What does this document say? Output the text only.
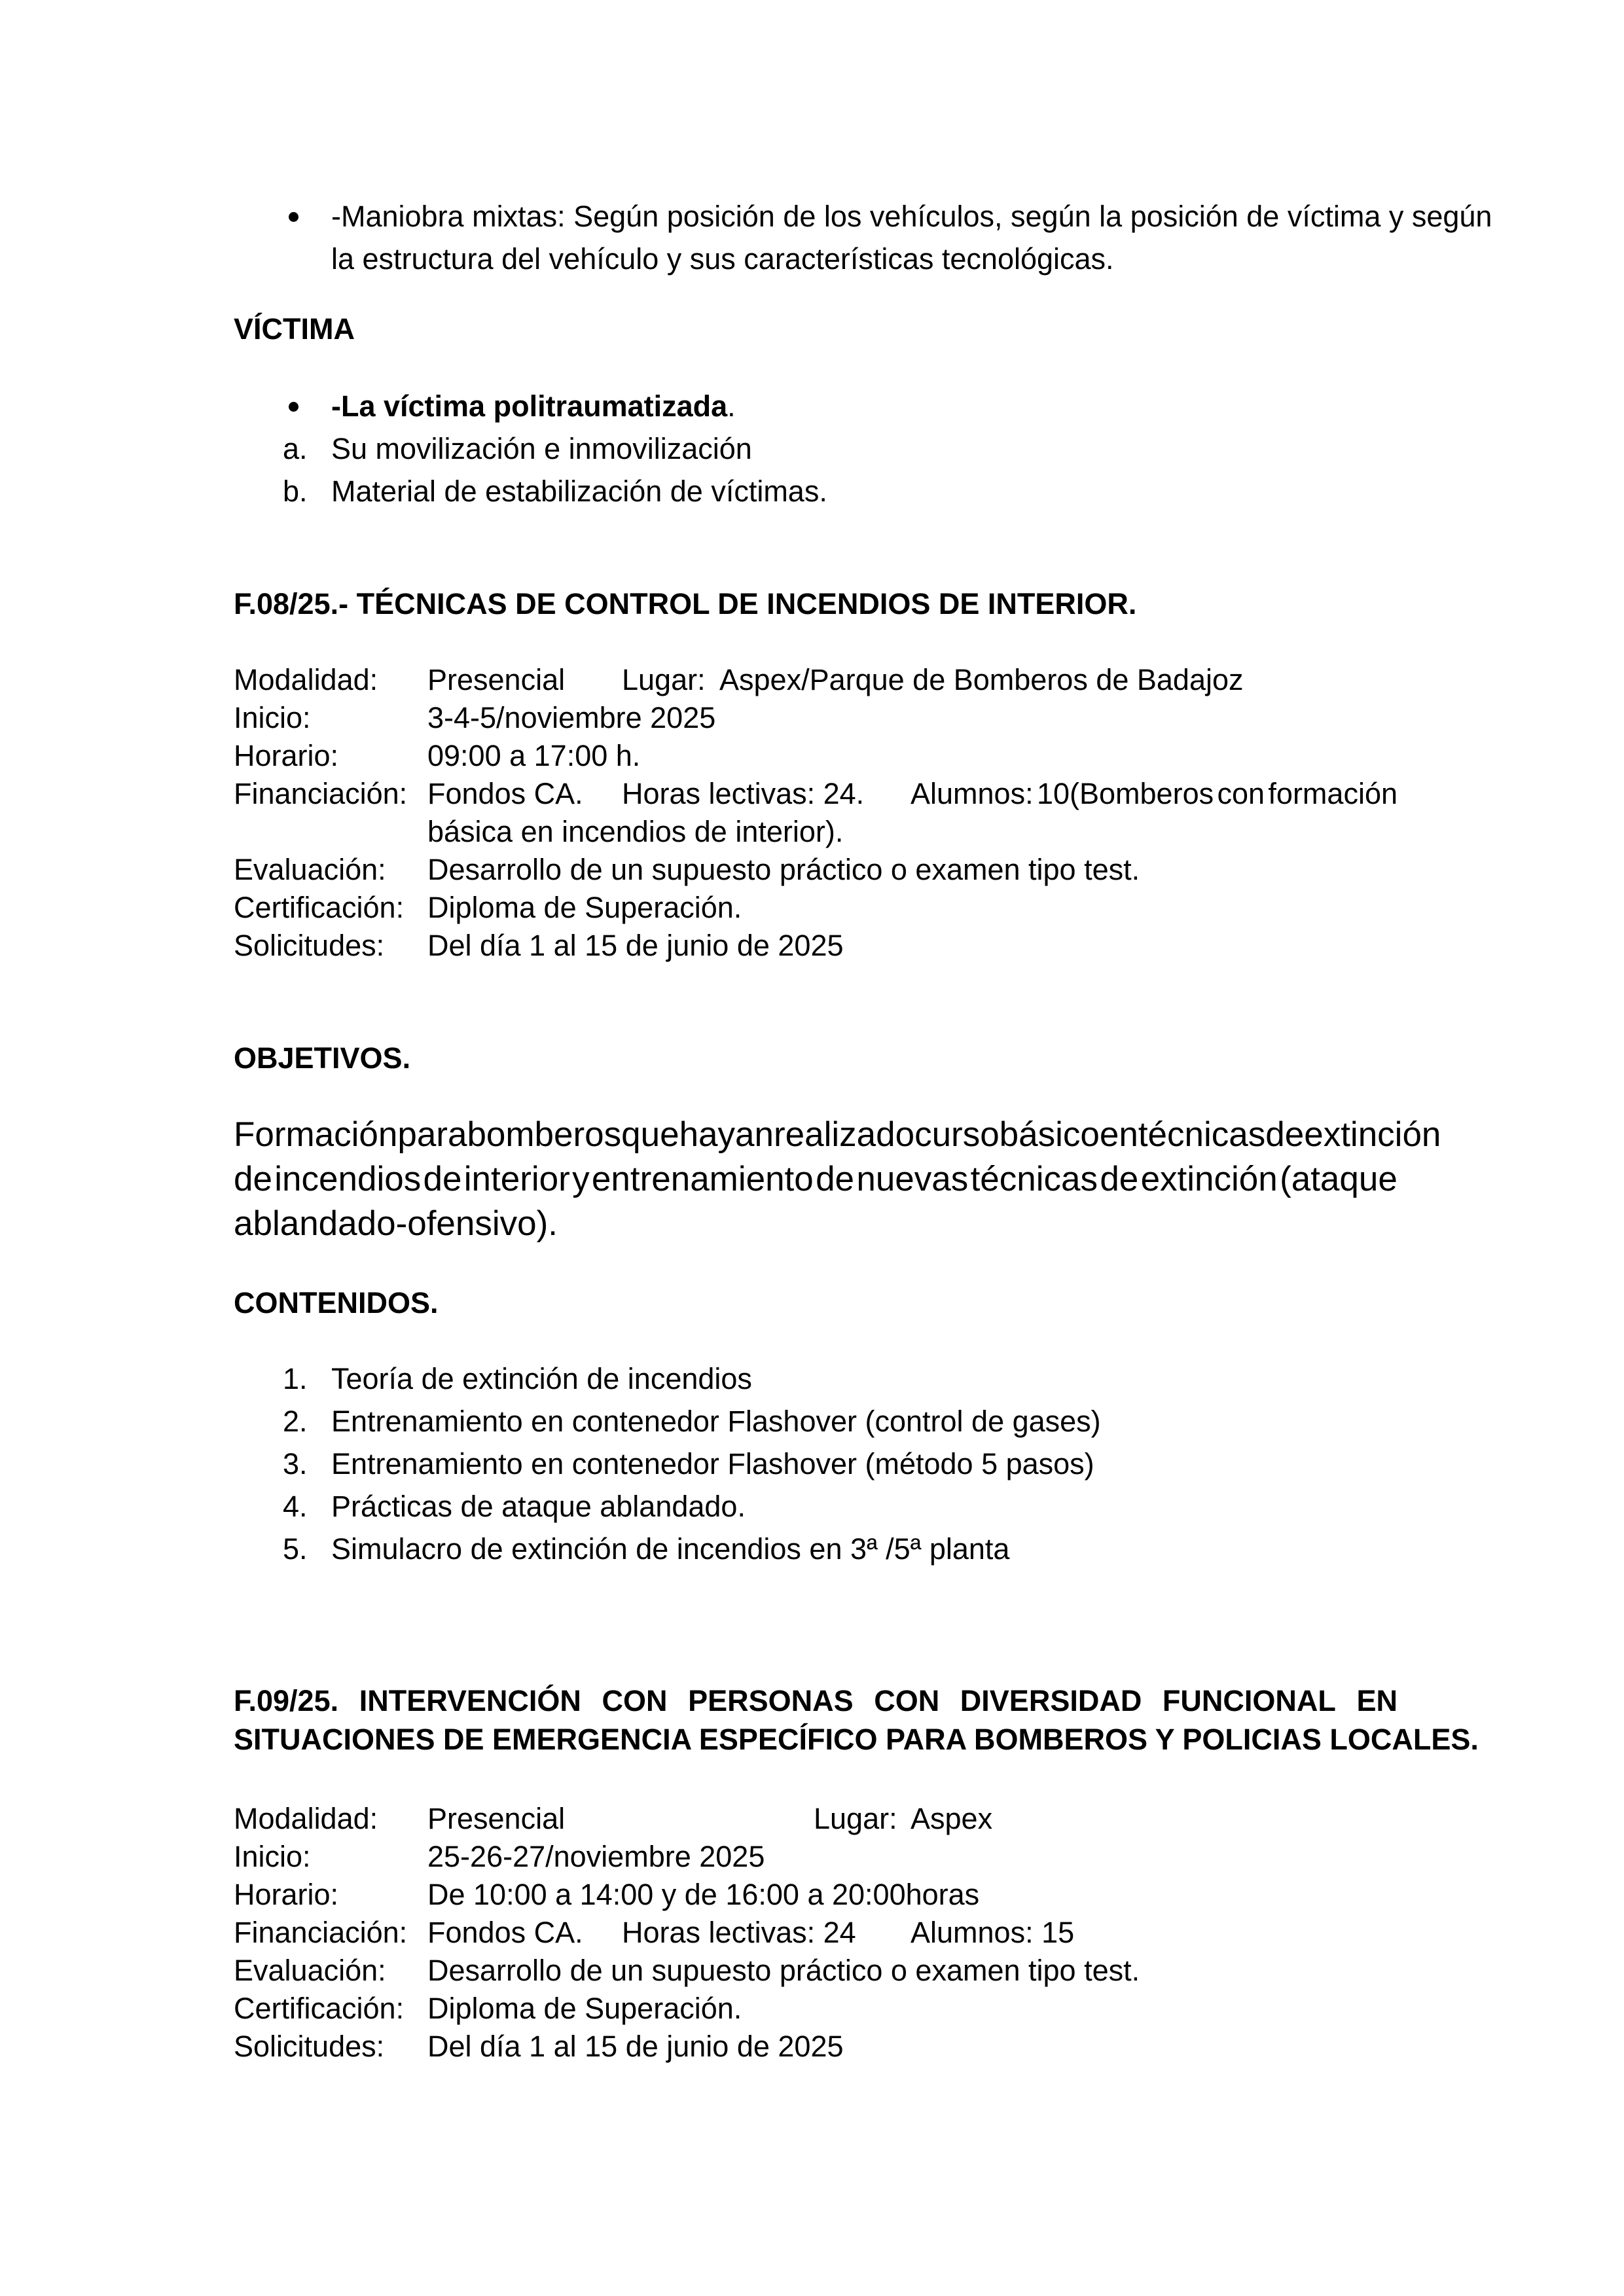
-Maniobra mixtas: Según posición de los vehículos, según la posición de víctima y según
la estructura del vehículo y sus características tecnológicas.
VÍCTIMA
-La víctima politraumatizada.
a. Su movilización e inmovilización
b. Material de estabilización de víctimas.
F.08/25.- TÉCNICAS DE CONTROL DE INCENDIOS DE INTERIOR.
Modalidad: Presencial Lugar: Aspex/Parque de Bomberos de Badajoz
Inicio:	3-4-5/noviembre 2025
Horario:	09:00 a 17:00 h.
Financiación: Fondos CA. Horas lectivas: 24. Alumnos: 10(Bomberos con formación
básica en incendios de interior).
Evaluación: Desarrollo de un supuesto práctico o examen tipo test.
Certificación: Diploma de Superación.
Solicitudes: Del día 1 al 15 de junio de 2025
OBJETIVOS.
Formación para bomberos que hayan realizado curso básico en técnicas de extinción
de incendios de interior y entrenamiento de nuevas técnicas de extinción (ataque
ablandado-ofensivo).
CONTENIDOS.
1. Teoría de extinción de incendios
2. Entrenamiento en contenedor Flashover (control de gases)
3. Entrenamiento en contenedor Flashover (método 5 pasos)
4. Prácticas de ataque ablandado.
5. Simulacro de extinción de incendios en 3ª /5ª planta
F.09/25. INTERVENCIÓN CON PERSONAS CON DIVERSIDAD FUNCIONAL EN
SITUACIONES DE EMERGENCIA ESPECÍFICO PARA BOMBEROS Y POLICIAS LOCALES.
Modalidad: Presencial	Lugar: Aspex
Inicio:	25-26-27/noviembre 2025
Horario:	De 10:00 a 14:00 y de 16:00 a 20:00horas
Financiación: Fondos CA. Horas lectivas: 24 Alumnos: 15
Evaluación: Desarrollo de un supuesto práctico o examen tipo test.
Certificación: Diploma de Superación.
Solicitudes: Del día 1 al 15 de junio de 2025
